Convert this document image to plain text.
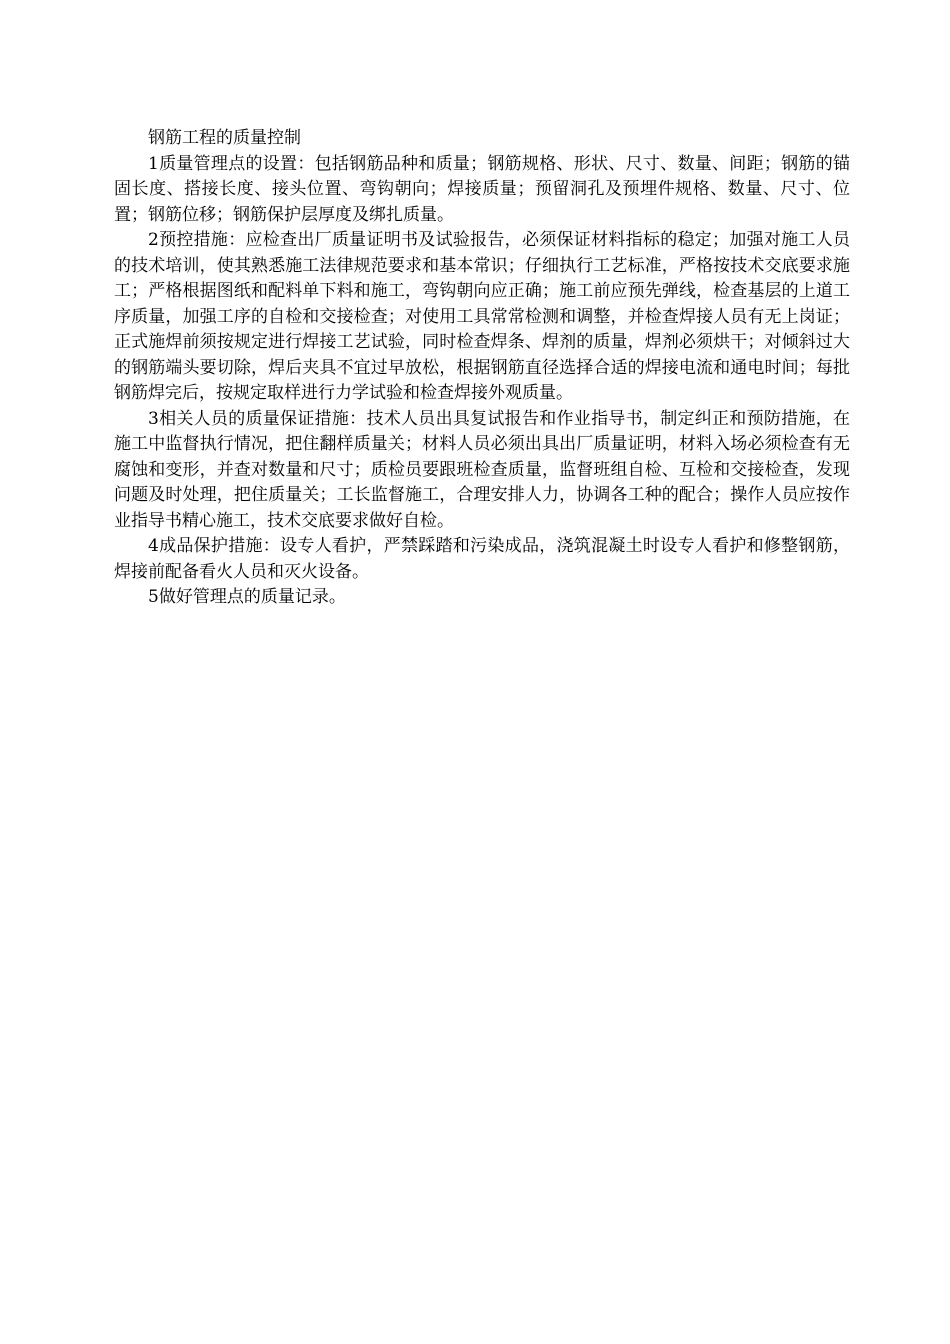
钢筋工程的质量控制

1质量管理点的设置：包括钢筋品种和质量；钢筋规格、形状、尺寸、数量、间距；钢筋的锚固长度、搭接长度、接头位置、弯钩朝向；焊接质量；预留洞孔及预埋件规格、数量、尺寸、位置；钢筋位移；钢筋保护层厚度及绑扎质量。

2预控措施：应检查出厂质量证明书及试验报告，必须保证材料指标的稳定；加强对施工人员的技术培训，使其熟悉施工法律规范要求和基本常识；仔细执行工艺标准，严格按技术交底要求施工；严格根据图纸和配料单下料和施工，弯钩朝向应正确；施工前应预先弹线，检查基层的上道工序质量，加强工序的自检和交接检查；对使用工具常常检测和调整，并检查焊接人员有无上岗证；正式施焊前须按规定进行焊接工艺试验，同时检查焊条、焊剂的质量，焊剂必须烘干；对倾斜过大的钢筋端头要切除，焊后夹具不宜过早放松，根据钢筋直径选择合适的焊接电流和通电时间；每批钢筋焊完后，按规定取样进行力学试验和检查焊接外观质量。

3相关人员的质量保证措施：技术人员出具复试报告和作业指导书，制定纠正和预防措施，在施工中监督执行情况，把住翻样质量关；材料人员必须出具出厂质量证明，材料入场必须检查有无腐蚀和变形，并查对数量和尺寸；质检员要跟班检查质量，监督班组自检、互检和交接检查，发现问题及时处理，把住质量关；工长监督施工，合理安排人力，协调各工种的配合；操作人员应按作业指导书精心施工，技术交底要求做好自检。

4成品保护措施：设专人看护，严禁踩踏和污染成品，浇筑混凝土时设专人看护和修整钢筋，焊接前配备看火人员和灭火设备。

5做好管理点的质量记录。
